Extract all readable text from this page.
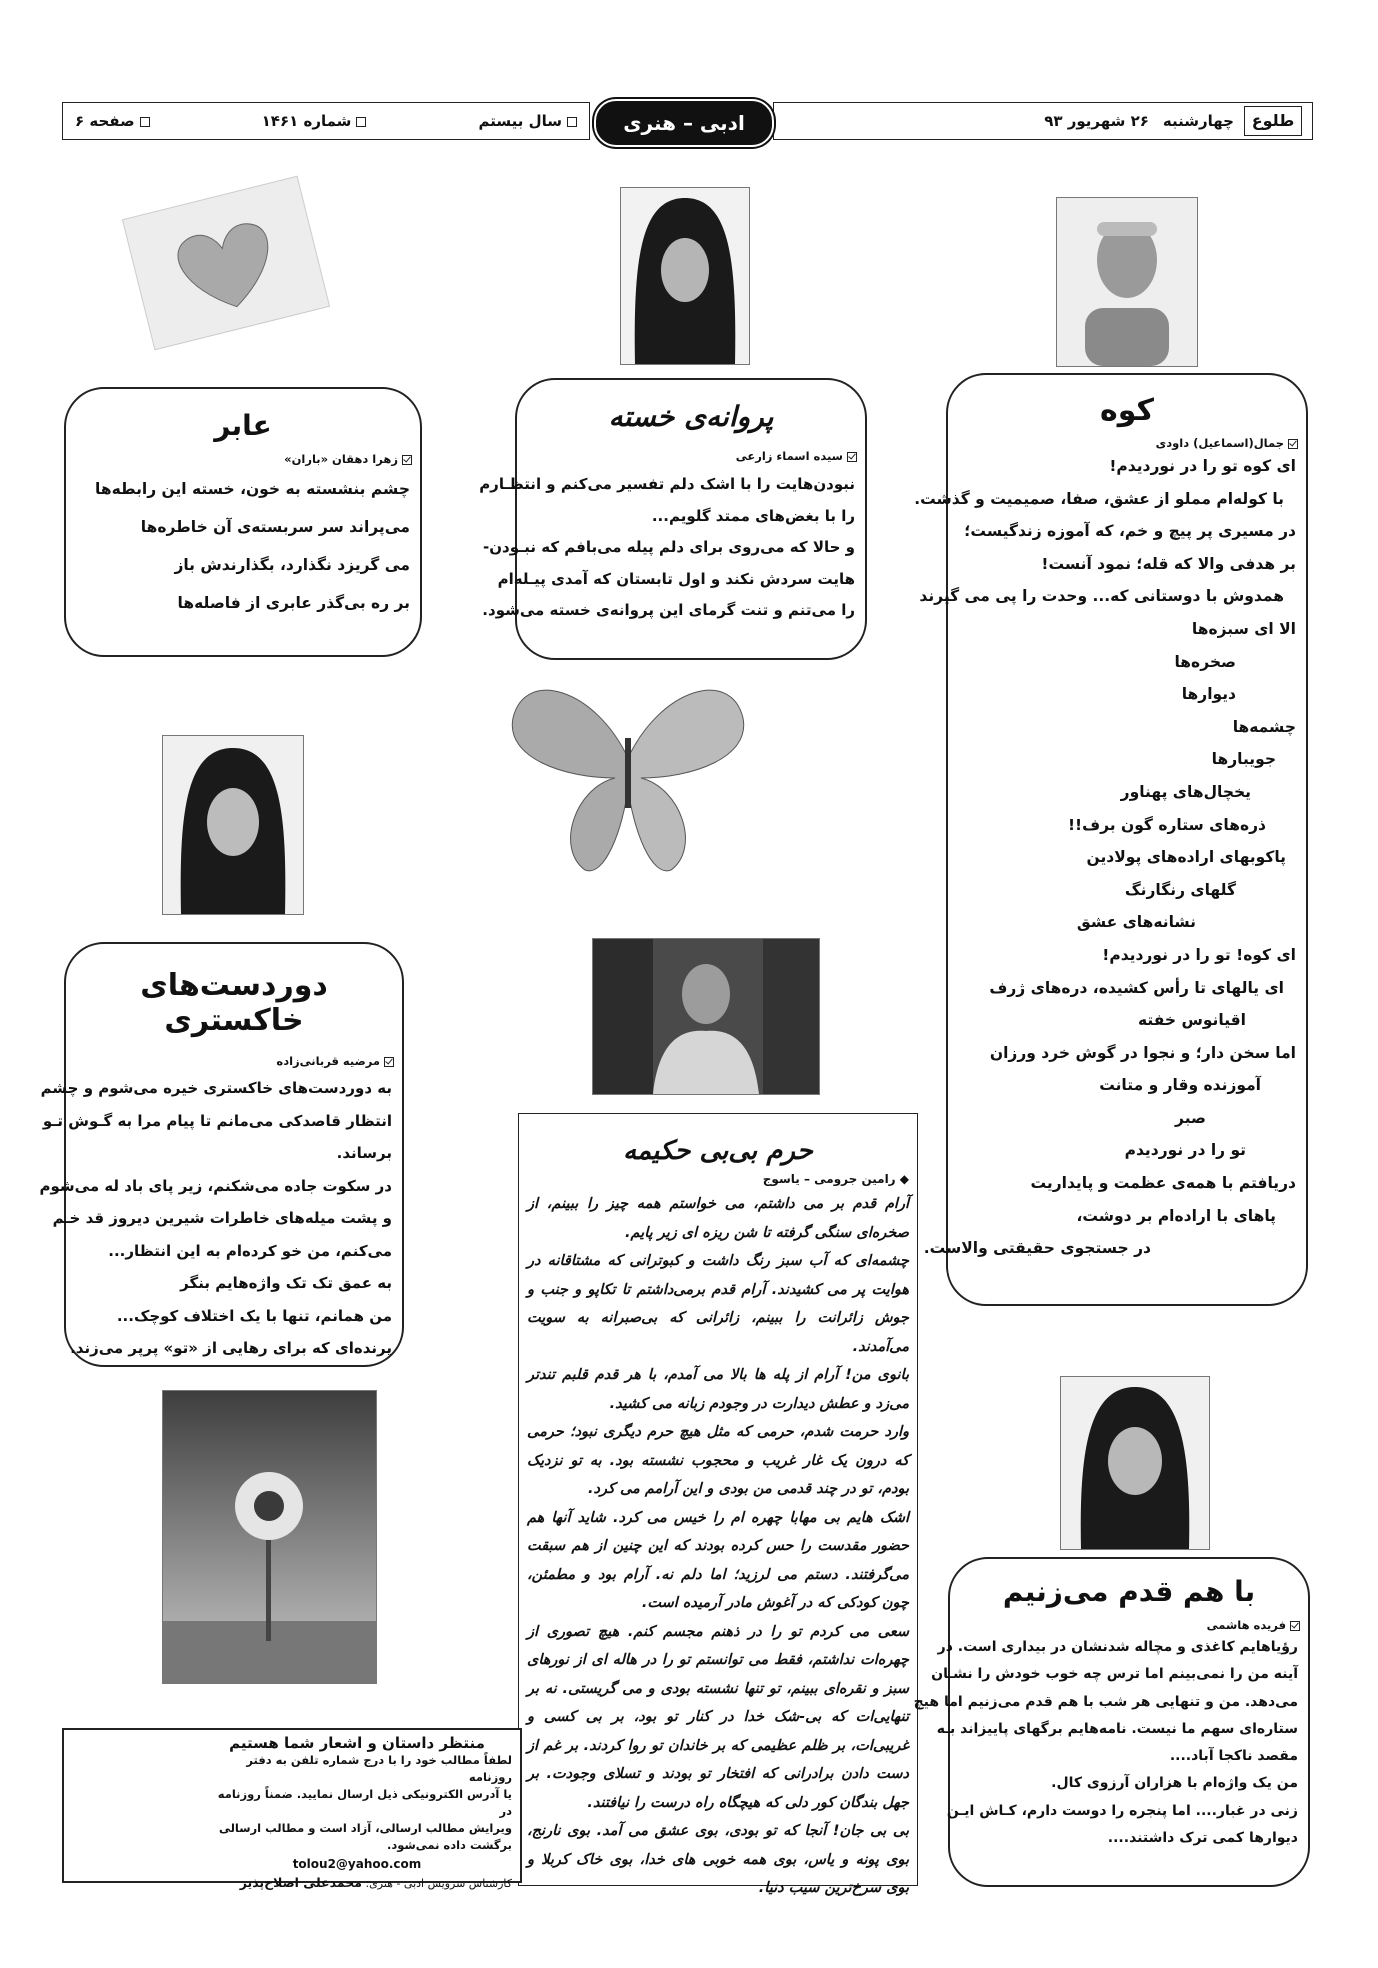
طلوع
چهارشنبه
۲۶ شهریور ۹۳
ادبی – هنری
سال بیستم
شماره ۱۴۶۱
صفحه ۶
کوه
جمال(اسماعیل) داودی
ای کوه تو را در نوردیدم!
با کوله‌ام مملو از عشق، صفا، صمیمیت و گذشت.
در مسیری پر پیچ و خم، که آموزه زندگیست؛
بر هدفی والا که قله؛ نمود آنست!
همدوش با دوستانی که... وحدت را پی می گیرند
الا ای سبزه‌ها
صخره‌ها
دیوارها
چشمه‌ها
جویبارها
یخچال‌های پهناور
ذره‌های ستاره گون برف!!
پاکوبهای اراده‌های پولادین
گلهای رنگارنگ
نشانه‌های عشق
ای کوه! تو را در نوردیدم!
ای یالهای تا رأس کشیده، دره‌های ژرف
اقیانوس خفته
اما سخن دار؛ و نجوا در گوش خرد ورزان
آموزنده وقار و متانت
صبر
تو را در نوردیدم
دریافتم با همه‌ی عظمت و پایداریت
پاهای با اراده‌ام بر دوشت،
در جستجوی حقیقتی والاست.
پروانه‌ی خسته
سیده اسماء زارعی
نبودن‌هایت را با اشک دلم تفسیر می‌کنم و انتظـارم
را با بغض‌های ممتد گلویم...
و حالا که می‌روی برای دلم پیله می‌بافم که نبـودن-
هایت سردش نکند و اول تابستان که آمدی پیـله‌ام
را می‌تنم و تنت گرمای این پروانه‌ی خسته می‌شود.
عابر
زهرا دهقان «باران»
چشم بنشسته به خون، خسته این رابطه‌ها
می‌پراند سر سربسته‌ی آن خاطره‌ها
می گریزد نگذارد، بگذارندش باز
بر ره بی‌گذر عابری از فاصله‌ها
دوردست‌های خاکستری
مرضیه قربانی‌زاده
به دوردست‌های خاکستری خیره می‌شوم و چشم
انتظار قاصدکی می‌مانم تا پیام مرا به گـوش تـو
برساند.
در سکوت جاده می‌شکنم، زیر پای باد له می‌شوم
و پشت میله‌های خاطرات شیرین دیروز قد خـم
می‌کنم، من خو کرده‌ام به این انتظار...
به عمق تک تک واژه‌هایم بنگر
من همانم، تنها با یک اختلاف کوچک...
پرنده‌ای که برای رهایی از «تو» پرپر می‌زند.
حرم بی‌بی حکیمه
◆ رامین جرومی – یاسوج

آرام قدم بر می داشتم، می خواستم همه چیز را ببینم، از صخره‌ای سنگی گرفته تا شن ریزه ای زیر پایم.

چشمه‌ای که آب سبز رنگ داشت و کبوترانی که مشتاقانه در هوایت پر می کشیدند. آرام قدم برمی‌داشتم تا تکاپو و جنب و جوش زائرانت را ببینم، زائرانی که بی‌صبرانه به سویت می‌آمدند.

بانوی من! آرام از پله ها بالا می آمدم، با هر قدم قلبم تندتر می‌زد و عطش دیدارت در وجودم زبانه می کشید.

وارد حرمت شدم، حرمی که مثل هیچ حرم دیگری نبود؛ حرمی که درون یک غار غریب و محجوب نشسته بود. به تو نزدیک بودم، تو در چند قدمی من بودی و این آرامم می کرد.

اشک هایم بی مهابا چهره ام را خیس می کرد. شاید آنها هم حضور مقدست را حس کرده بودند که این چنین از هم سبقت می‌گرفتند. دستم می لرزید؛ اما دلم نه. آرام بود و مطمئن، چون کودکی که در آغوش مادر آرمیده است.

سعی می کردم تو را در ذهنم مجسم کنم. هیچ تصوری از چهره‌ات نداشتم، فقط می توانستم تو را در هاله ای از نورهای سبز و نقره‌ای ببینم، تو تنها نشسته بودی و می گریستی. نه بر تنهایی‌ات که بی-شک خدا در کنار تو بود، بر بی کسی و غریبی‌ات، بر ظلم عظیمی که بر خاندان تو روا کردند. بر غم از دست دادن برادرانی که افتخار تو بودند و تسلای وجودت. بر جهل بندگان کور دلی که هیچگاه راه درست را نیافتند.

بی بی جان! آنجا که تو بودی، بوی عشق می آمد. بوی نارنج، بوی پونه و یاس، بوی همه خوبی های خدا، بوی خاک کربلا و بوی سرخ‌ترین سیب دنیا.

با هم قدم می‌زنیم
فریده هاشمی
رؤیاهایم کاغذی و مچاله شدنشان در بیداری است. در
آینه من را نمی‌بینم اما ترس چه خوب خودش را نشـان
می‌دهد. من و تنهایی هر شب با هم قدم می‌زنیم اما هیچ
ستاره‌ای سهم ما نیست. نامه‌هایم برگهای پاییزاند بـه
مقصد ناکجا آباد....
من یک واژه‌ام با هزاران آرزوی کال.
زنی در غبار.... اما پنجره را دوست دارم، کـاش ایـن
دیوارها کمی ترک داشتند....

منتظر داستان و اشعار شما هستیم

لطفاً مطالب خود را با درج شماره تلفن به دفتر روزنامه

یا آدرس الکترونیکی ذیل ارسال نمایید. ضمناً روزنامه در

ویرایش مطالب ارسالی، آزاد است و مطالب ارسالی

برگشت داده نمی‌شود.

tolou2@yahoo.com

کارشناس سرویس ادبی - هنری: محمدعلی اصلاح‌پذیر
